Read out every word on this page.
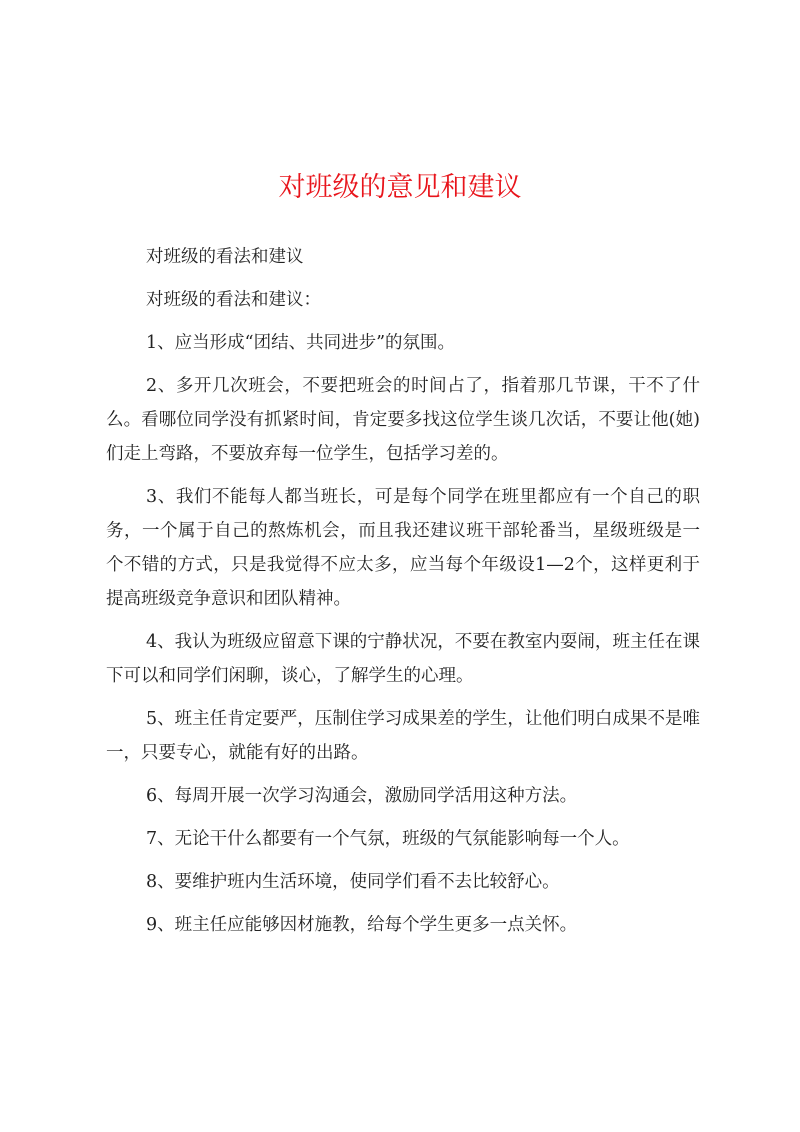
对班级的意见和建议

对班级的看法和建议

对班级的看法和建议：

1、应当形成“团结、共同进步”的氛围。

2、多开几次班会，不要把班会的时间占了，指着那几节课，干不了什么。看哪位同学没有抓紧时间，肯定要多找这位学生谈几次话，不要让他(她)们走上弯路，不要放弃每一位学生，包括学习差的。

3、我们不能每人都当班长，可是每个同学在班里都应有一个自己的职务，一个属于自己的熬炼机会，而且我还建议班干部轮番当，星级班级是一个不错的方式，只是我觉得不应太多，应当每个年级设1—2个，这样更利于提高班级竞争意识和团队精神。

4、我认为班级应留意下课的宁静状况，不要在教室内耍闹，班主任在课下可以和同学们闲聊，谈心，了解学生的心理。

5、班主任肯定要严，压制住学习成果差的学生，让他们明白成果不是唯一，只要专心，就能有好的出路。

6、每周开展一次学习沟通会，激励同学活用这种方法。

7、无论干什么都要有一个气氛，班级的气氛能影响每一个人。

8、要维护班内生活环境，使同学们看不去比较舒心。

9、班主任应能够因材施教，给每个学生更多一点关怀。
